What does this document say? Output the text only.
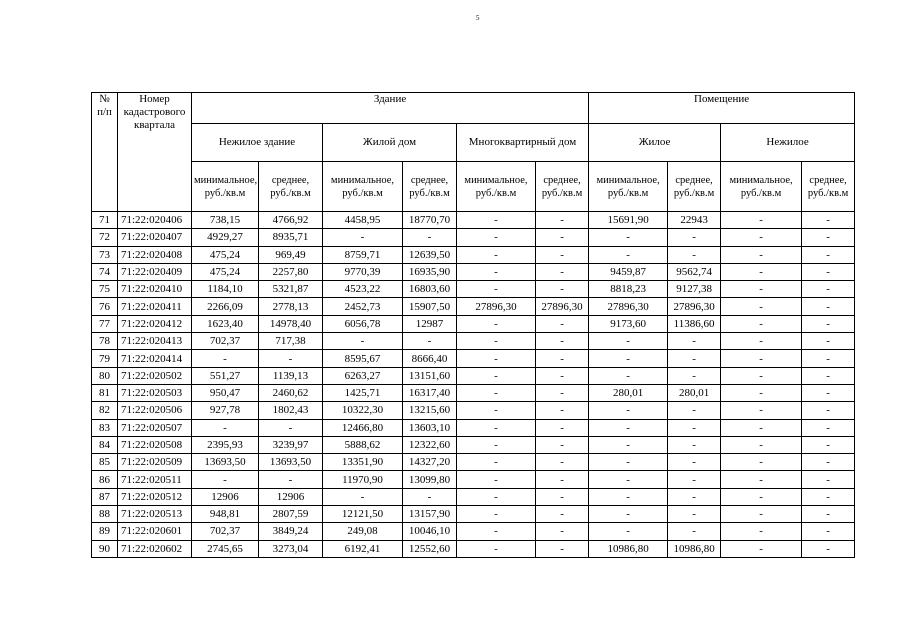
5
№ п/п	Номер кадастрового квартала	Здание						Помещение			
		Нежилое здание		Жилой дом		Многоквартирный дом		Жилое		Нежилое	
		минимальное, руб./кв.м	среднее, руб./кв.м	минимальное, руб./кв.м	среднее, руб./кв.м	минимальное, руб./кв.м	среднее, руб./кв.м	минимальное, руб./кв.м	среднее, руб./кв.м	минимальное, руб./кв.м	среднее, руб./кв.м
71	71:22:020406	738,15	4766,92	4458,95	18770,70	-	-	15691,90	22943	-	-
72	71:22:020407	4929,27	8935,71	-	-	-	-	-	-	-	-
73	71:22:020408	475,24	969,49	8759,71	12639,50	-	-	-	-	-	-
74	71:22:020409	475,24	2257,80	9770,39	16935,90	-	-	9459,87	9562,74	-	-
75	71:22:020410	1184,10	5321,87	4523,22	16803,60	-	-	8818,23	9127,38	-	-
76	71:22:020411	2266,09	2778,13	2452,73	15907,50	27896,30	27896,30	27896,30	27896,30	-	-
77	71:22:020412	1623,40	14978,40	6056,78	12987	-	-	9173,60	11386,60	-	-
78	71:22:020413	702,37	717,38	-	-	-	-	-	-	-	-
79	71:22:020414	-	-	8595,67	8666,40	-	-	-	-	-	-
80	71:22:020502	551,27	1139,13	6263,27	13151,60	-	-	-	-	-	-
81	71:22:020503	950,47	2460,62	1425,71	16317,40	-	-	280,01	280,01	-	-
82	71:22:020506	927,78	1802,43	10322,30	13215,60	-	-	-	-	-	-
83	71:22:020507	-	-	12466,80	13603,10	-	-	-	-	-	-
84	71:22:020508	2395,93	3239,97	5888,62	12322,60	-	-	-	-	-	-
85	71:22:020509	13693,50	13693,50	13351,90	14327,20	-	-	-	-	-	-
86	71:22:020511	-	-	11970,90	13099,80	-	-	-	-	-	-
87	71:22:020512	12906	12906	-	-	-	-	-	-	-	-
88	71:22:020513	948,81	2807,59	12121,50	13157,90	-	-	-	-	-	-
89	71:22:020601	702,37	3849,24	249,08	10046,10	-	-	-	-	-	-
90	71:22:020602	2745,65	3273,04	6192,41	12552,60	-	-	10986,80	10986,80	-	-
